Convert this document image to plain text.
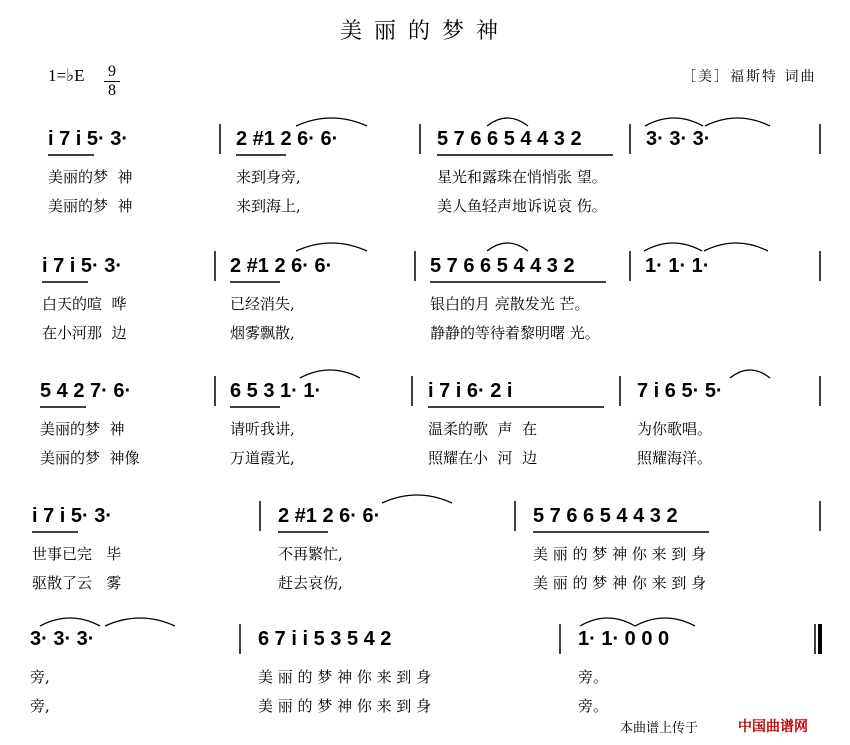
美丽的梦神
1=♭E 9
8
［美］福斯特 词曲
i 7 i 5· 3·
美丽的梦  神
美丽的梦  神
2 #1 2 6· 6·
来到身旁,
来到海上,
5 7 6 6 5 4 4 3 2
星光和露珠在悄悄张 望。
美人鱼轻声地诉说哀 伤。
3· 3· 3·
i 7 i 5· 3·
白天的喧  哗
在小河那  边
2 #1 2 6· 6·
已经消失,
烟雾飘散,
5 7 6 6 5 4 4 3 2
银白的月 亮散发光 芒。
静静的等待着黎明曙 光。
1· 1· 1·
5 4 2 7· 6·
美丽的梦  神
美丽的梦  神像
6 5 3 1· 1·
请听我讲,
万道霞光,
i 7 i 6· 2 i
温柔的歌  声  在
照耀在小  河  边
7 i 6 5· 5·
为你歌唱。
照耀海洋。
i 7 i 5· 3·
世事已完   毕
驱散了云   雾
2 #1 2 6· 6·
不再繁忙,
赶去哀伤,
5 7 6 6 5 4 4 3 2
美 丽 的 梦 神 你 来 到 身
美 丽 的 梦 神 你 来 到 身
3· 3· 3·
旁,
旁,
6 7 i i 5 3 5 4 2
美 丽 的 梦 神 你 来 到 身
美 丽 的 梦 神 你 来 到 身
1· 1· 0 0 0
旁。
旁。
本曲谱上传于	中国曲谱网
